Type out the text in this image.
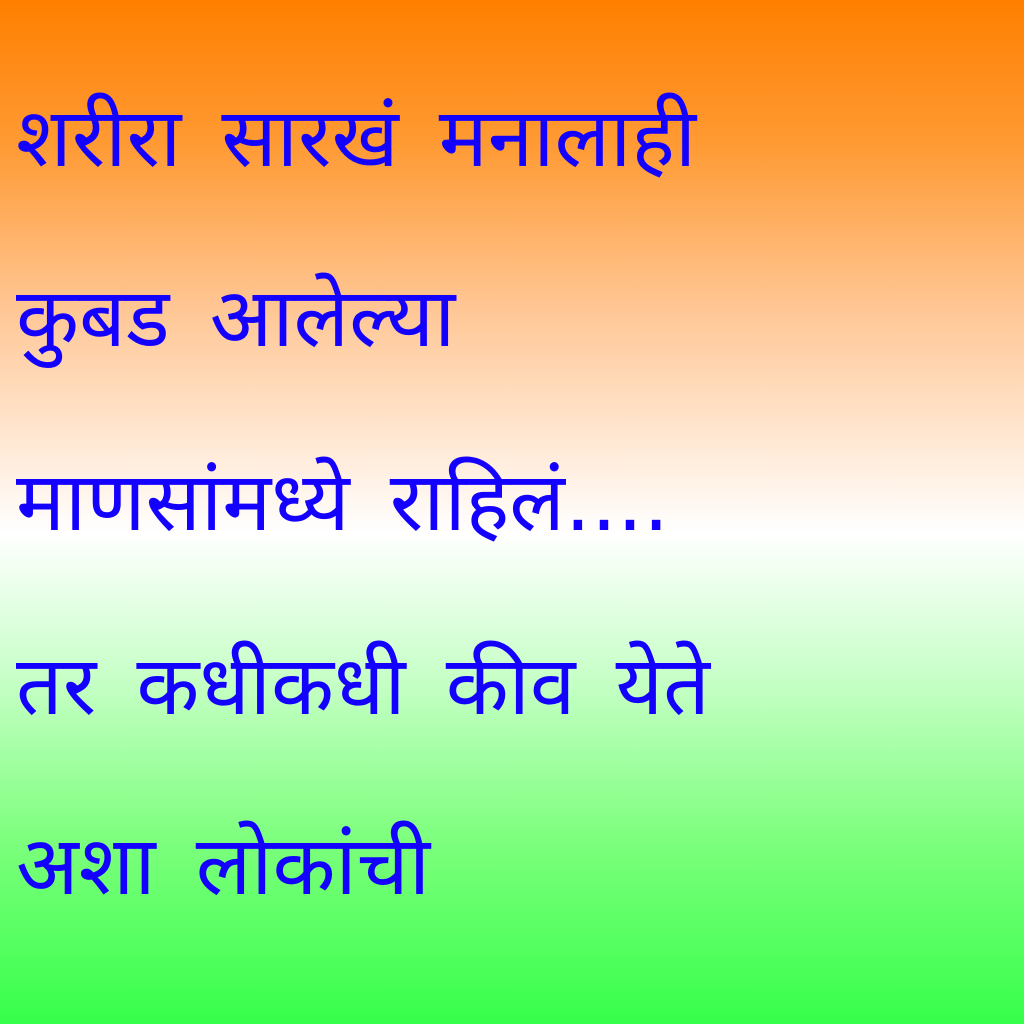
शरीरा सारखं मनालाही

कुबड आलेल्या

माणसांमध्ये राहिलं....

तर कधीकधी कीव येते

अशा लोकांची
